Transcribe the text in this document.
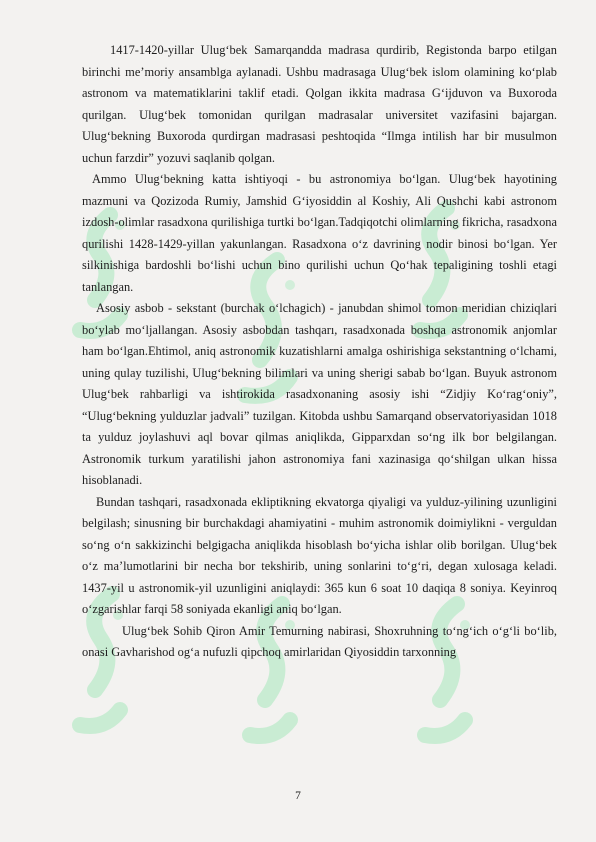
1417-1420-yillar Ulug‘bek Samarqandda madrasa qurdirib, Registonda barpo etilgan birinchi me’moriy ansamblga aylanadi. Ushbu madrasaga Ulug‘bek islom olamining ko‘plab astronom va matematiklarini taklif etadi. Qolgan ikkita madrasa G‘ijduvon va Buxoroda qurilgan. Ulug‘bek tomonidan qurilgan madrasalar universitet vazifasini bajargan. Ulug‘bekning Buxoroda qurdirgan madrasasi peshtoqida “Ilmga intilish har bir musulmon uchun farzdir” yozuvi saqlanib qolgan.

Ammo Ulug‘bekning katta ishtiyoqi - bu astronomiya bo‘lgan. Ulug‘bek hayotining mazmuni va Qozizoda Rumiy, Jamshid G‘iyosiddin al Koshiy, Ali Qushchi kabi astronom izdosh-olimlar rasadxona qurilishiga turtki bo‘lgan.Tadqiqotchi olimlarning fikricha, rasadxona qurilishi 1428-1429-yillan yakunlangan. Rasadxona o‘z davrining nodir binosi bo‘lgan. Yer silkinishiga bardoshli bo‘lishi uchun bino qurilishi uchun Qo‘hak tepaligining toshli etagi tanlangan.

Asosiy asbob - sekstant (burchak o‘lchagich) - janubdan shimol tomon meridian chiziqlari bo‘ylab mo‘ljallangan. Asosiy asbobdan tashqarı, rasadxonada boshqa astronomik anjomlar ham bo‘lgan.Ehtimol, aniq astronomik kuzatishlarni amalga oshirishiga sekstantning o‘lchami, uning qulay tuzilishi, Ulug‘bekning bilimlari va uning sherigi sabab bo‘lgan. Buyuk astronom Ulug‘bek rahbarligi va ishtirokida rasadxonaning asosiy ishi “Zidjiy Ko‘rag‘oniy”, “Ulug‘bekning yulduzlar jadvali” tuzilgan. Kitobda ushbu Samarqand observatoriyasidan 1018 ta yulduz joylashuvi aql bovar qilmas aniqlikda, Gipparxdan so‘ng ilk bor belgilangan. Astronomik turkum yaratilishi jahon astronomiya fani xazinasiga qo‘shilgan ulkan hissa hisoblanadi.

Bundan tashqari, rasadxonada ekliptikning ekvatorga qiyaligi va yulduz-yilining uzunligini belgilash; sinusning bir burchakdagi ahamiyatini - muhim astronomik doimiylikni - verguldan so‘ng o‘n sakkizinchi belgigacha aniqlikda hisoblash bo‘yicha ishlar olib borilgan. Ulug‘bek o‘z ma’lumotlarini bir necha bor tekshirib, uning sonlarini to‘g‘ri, degan xulosaga keladi. 1437-yil u astronomik-yil uzunligini aniqlaydi: 365 kun 6 soat 10 daqiqa 8 soniya. Keyinroq o‘zgarishlar farqi 58 soniyada ekanligi aniq bo‘lgan.

Ulug‘bek Sohib Qiron Amir Temurning nabirasi, Shoxruhning to‘ng‘ich o‘g‘li bo‘lib, onasi Gavharishod og‘a nufuzli qipchoq amirlaridan Qiyosiddin tarxonning

7
